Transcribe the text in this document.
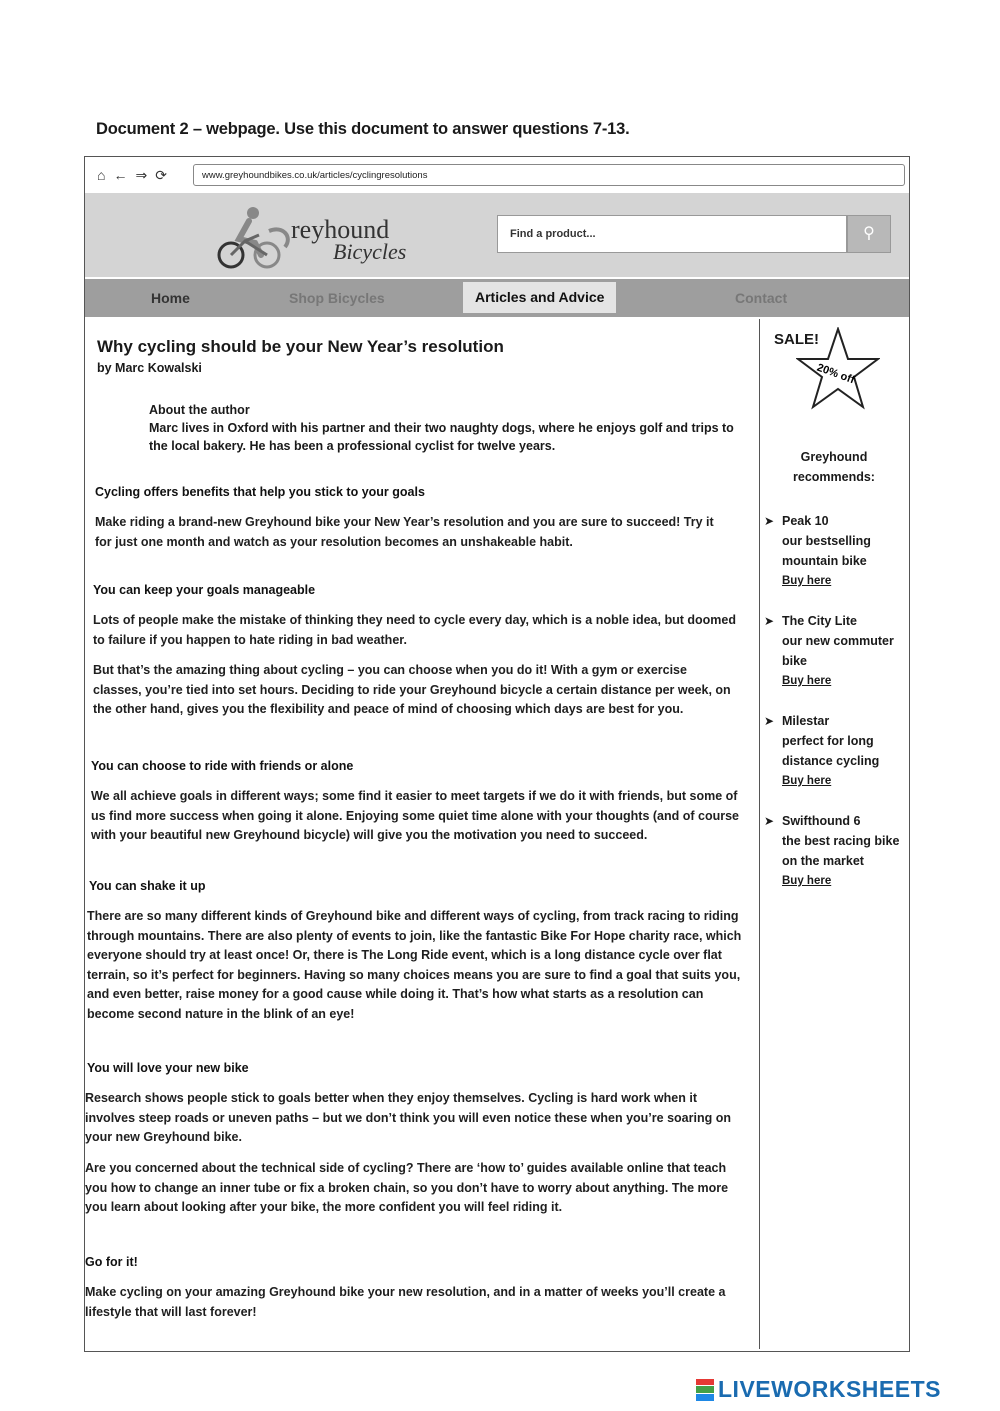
Document 2 – webpage. Use this document to answer questions 7-13.
⌂ ← ⇒ ⟳	www.greyhoundbikes.co.uk/articles/cyclingresolutions
reyhound
Bicycles
Find a product...	⚲
Home	Shop Bicycles	Articles and Advice	Contact
Why cycling should be your New Year’s resolution
by Marc Kowalski
About the author
Marc lives in Oxford with his partner and their two naughty dogs, where he enjoys golf and trips to the local bakery. He has been a professional cyclist for twelve years.
Cycling offers benefits that help you stick to your goals
Make riding a brand-new Greyhound bike your New Year’s resolution and you are sure to succeed! Try it for just one month and watch as your resolution becomes an unshakeable habit.
You can keep your goals manageable
Lots of people make the mistake of thinking they need to cycle every day, which is a noble idea, but doomed to failure if you happen to hate riding in bad weather.
But that’s the amazing thing about cycling – you can choose when you do it! With a gym or exercise classes, you’re tied into set hours. Deciding to ride your Greyhound bicycle a certain distance per week, on the other hand, gives you the flexibility and peace of mind of choosing which days are best for you.
You can choose to ride with friends or alone
We all achieve goals in different ways; some find it easier to meet targets if we do it with friends, but some of us find more success when going it alone. Enjoying some quiet time alone with your thoughts (and of course with your beautiful new Greyhound bicycle) will give you the motivation you need to succeed.
You can shake it up
There are so many different kinds of Greyhound bike and different ways of cycling, from track racing to riding through mountains. There are also plenty of events to join, like the fantastic Bike For Hope charity race, which everyone should try at least once! Or, there is The Long Ride event, which is a long distance cycle over flat terrain, so it’s perfect for beginners. Having so many choices means you are sure to find a goal that suits you, and even better, raise money for a good cause while doing it. That’s how what starts as a resolution can become second nature in the blink of an eye!
You will love your new bike
Research shows people stick to goals better when they enjoy themselves. Cycling is hard work when it involves steep roads or uneven paths – but we don’t think you will even notice these when you’re soaring on your new Greyhound bike.
Are you concerned about the technical side of cycling? There are ‘how to’ guides available online that teach you how to change an inner tube or fix a broken chain, so you don’t have to worry about anything. The more you learn about looking after your bike, the more confident you will feel riding it.
Go for it!
Make cycling on your amazing Greyhound bike your new resolution, and in a matter of weeks you’ll create a lifestyle that will last forever!
SALE!
20% off
Greyhound recommends:
➤ Peak 10
our bestselling mountain bike
Buy here
➤ The City Lite
our new commuter bike
Buy here
➤ Milestar
perfect for long distance cycling
Buy here
➤ Swifthound 6
the best racing bike on the market
Buy here
LIVEWORKSHEETS
